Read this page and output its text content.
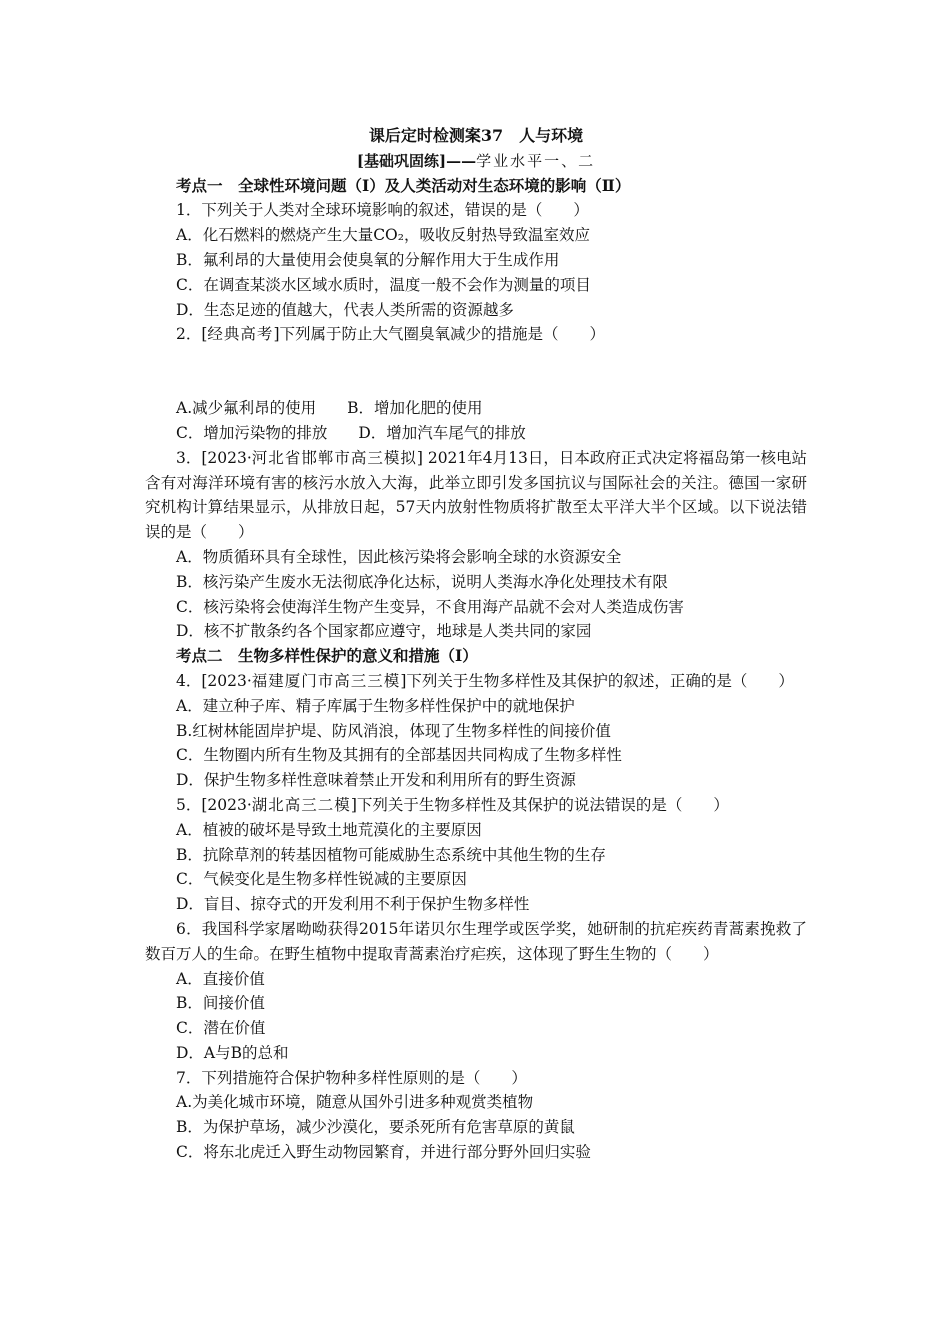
课后定时检测案37　人与环境
[基础巩固练]——学业水平一、二
考点一　全球性环境问题（Ⅰ）及人类活动对生态环境的影响（Ⅱ）
1．下列关于人类对全球环境影响的叙述，错误的是（　　）
A．化石燃料的燃烧产生大量CO₂，吸收反射热导致温室效应
B．氟利昂的大量使用会使臭氧的分解作用大于生成作用
C．在调查某淡水区域水质时，温度一般不会作为测量的项目
D．生态足迹的值越大，代表人类所需的资源越多
2．[经典高考]下列属于防止大气圈臭氧减少的措施是（　　）
A.减少氟利昂的使用　　B．增加化肥的使用
C．增加污染物的排放　　D．增加汽车尾气的排放
3．[2023·河北省邯郸市高三模拟] 2021年4月13日，日本政府正式决定将福岛第一核电站含有对海洋环境有害的核污水放入大海，此举立即引发多国抗议与国际社会的关注。德国一家研究机构计算结果显示，从排放日起，57天内放射性物质将扩散至太平洋大半个区域。以下说法错误的是（　　）
A．物质循环具有全球性，因此核污染将会影响全球的水资源安全
B．核污染产生废水无法彻底净化达标，说明人类海水净化处理技术有限
C．核污染将会使海洋生物产生变异，不食用海产品就不会对人类造成伤害
D．核不扩散条约各个国家都应遵守，地球是人类共同的家园
考点二　生物多样性保护的意义和措施（Ⅰ）
4．[2023·福建厦门市高三三模]下列关于生物多样性及其保护的叙述，正确的是（　　）
A．建立种子库、精子库属于生物多样性保护中的就地保护
B.红树林能固岸护堤、防风消浪，体现了生物多样性的间接价值
C．生物圈内所有生物及其拥有的全部基因共同构成了生物多样性
D．保护生物多样性意味着禁止开发和利用所有的野生资源
5．[2023·湖北高三二模]下列关于生物多样性及其保护的说法错误的是（　　）
A．植被的破坏是导致土地荒漠化的主要原因
B．抗除草剂的转基因植物可能威胁生态系统中其他生物的生存
C．气候变化是生物多样性锐减的主要原因
D．盲目、掠夺式的开发利用不利于保护生物多样性
6．我国科学家屠呦呦获得2015年诺贝尔生理学或医学奖，她研制的抗疟疾药青蒿素挽救了数百万人的生命。在野生植物中提取青蒿素治疗疟疾，这体现了野生生物的（　　）
A．直接价值
B．间接价值
C．潜在价值
D．A与B的总和
7．下列措施符合保护物种多样性原则的是（　　）
A.为美化城市环境，随意从国外引进多种观赏类植物
B．为保护草场，减少沙漠化，要杀死所有危害草原的黄鼠
C．将东北虎迁入野生动物园繁育，并进行部分野外回归实验
